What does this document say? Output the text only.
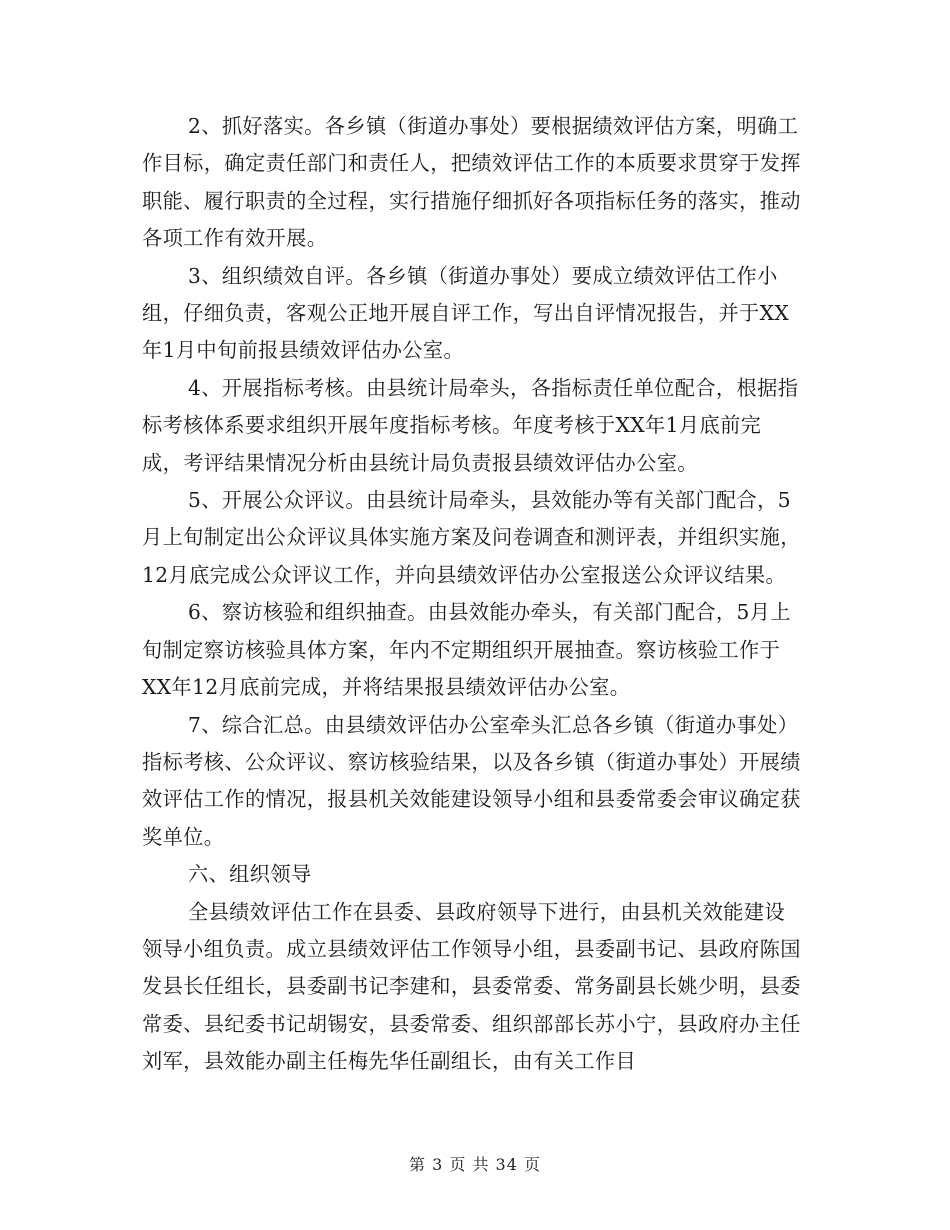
2、抓好落实。各乡镇（街道办事处）要根据绩效评估方案，明确工作目标，确定责任部门和责任人，把绩效评估工作的本质要求贯穿于发挥职能、履行职责的全过程，实行措施仔细抓好各项指标任务的落实，推动各项工作有效开展。

3、组织绩效自评。各乡镇（街道办事处）要成立绩效评估工作小组，仔细负责，客观公正地开展自评工作，写出自评情况报告，并于XX年1月中旬前报县绩效评估办公室。

4、开展指标考核。由县统计局牵头，各指标责任单位配合，根据指标考核体系要求组织开展年度指标考核。年度考核于XX年1月底前完成，考评结果情况分析由县统计局负责报县绩效评估办公室。

5、开展公众评议。由县统计局牵头，县效能办等有关部门配合，5月上旬制定出公众评议具体实施方案及问卷调查和测评表，并组织实施，12月底完成公众评议工作，并向县绩效评估办公室报送公众评议结果。

6、察访核验和组织抽查。由县效能办牵头，有关部门配合，5月上旬制定察访核验具体方案，年内不定期组织开展抽查。察访核验工作于XX年12月底前完成，并将结果报县绩效评估办公室。

7、综合汇总。由县绩效评估办公室牵头汇总各乡镇（街道办事处）指标考核、公众评议、察访核验结果，以及各乡镇（街道办事处）开展绩效评估工作的情况，报县机关效能建设领导小组和县委常委会审议确定获奖单位。

六、组织领导

全县绩效评估工作在县委、县政府领导下进行，由县机关效能建设领导小组负责。成立县绩效评估工作领导小组，县委副书记、县政府陈国发县长任组长，县委副书记李建和，县委常委、常务副县长姚少明，县委常委、县纪委书记胡锡安，县委常委、组织部部长苏小宁，县政府办主任刘军，县效能办副主任梅先华任副组长，由有关工作目

第 3 页 共 34 页
